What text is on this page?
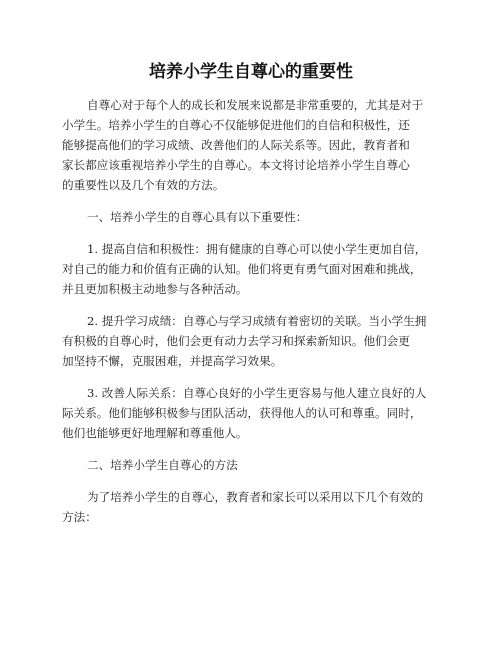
培养小学生自尊心的重要性
自尊心对于每个人的成长和发展来说都是非常重要的，尤其是对于
小学生。培养小学生的自尊心不仅能够促进他们的自信和积极性，还
能够提高他们的学习成绩、改善他们的人际关系等。因此，教育者和
家长都应该重视培养小学生的自尊心。本文将讨论培养小学生自尊心
的重要性以及几个有效的方法。
一、培养小学生的自尊心具有以下重要性：
1. 提高自信和积极性：拥有健康的自尊心可以使小学生更加自信，
对自己的能力和价值有正确的认知。他们将更有勇气面对困难和挑战，
并且更加积极主动地参与各种活动。
2. 提升学习成绩：自尊心与学习成绩有着密切的关联。当小学生拥
有积极的自尊心时，他们会更有动力去学习和探索新知识。他们会更
加坚持不懈，克服困难，并提高学习效果。
3. 改善人际关系：自尊心良好的小学生更容易与他人建立良好的人
际关系。他们能够积极参与团队活动，获得他人的认可和尊重。同时，
他们也能够更好地理解和尊重他人。
二、培养小学生自尊心的方法
为了培养小学生的自尊心，教育者和家长可以采用以下几个有效的
方法：
